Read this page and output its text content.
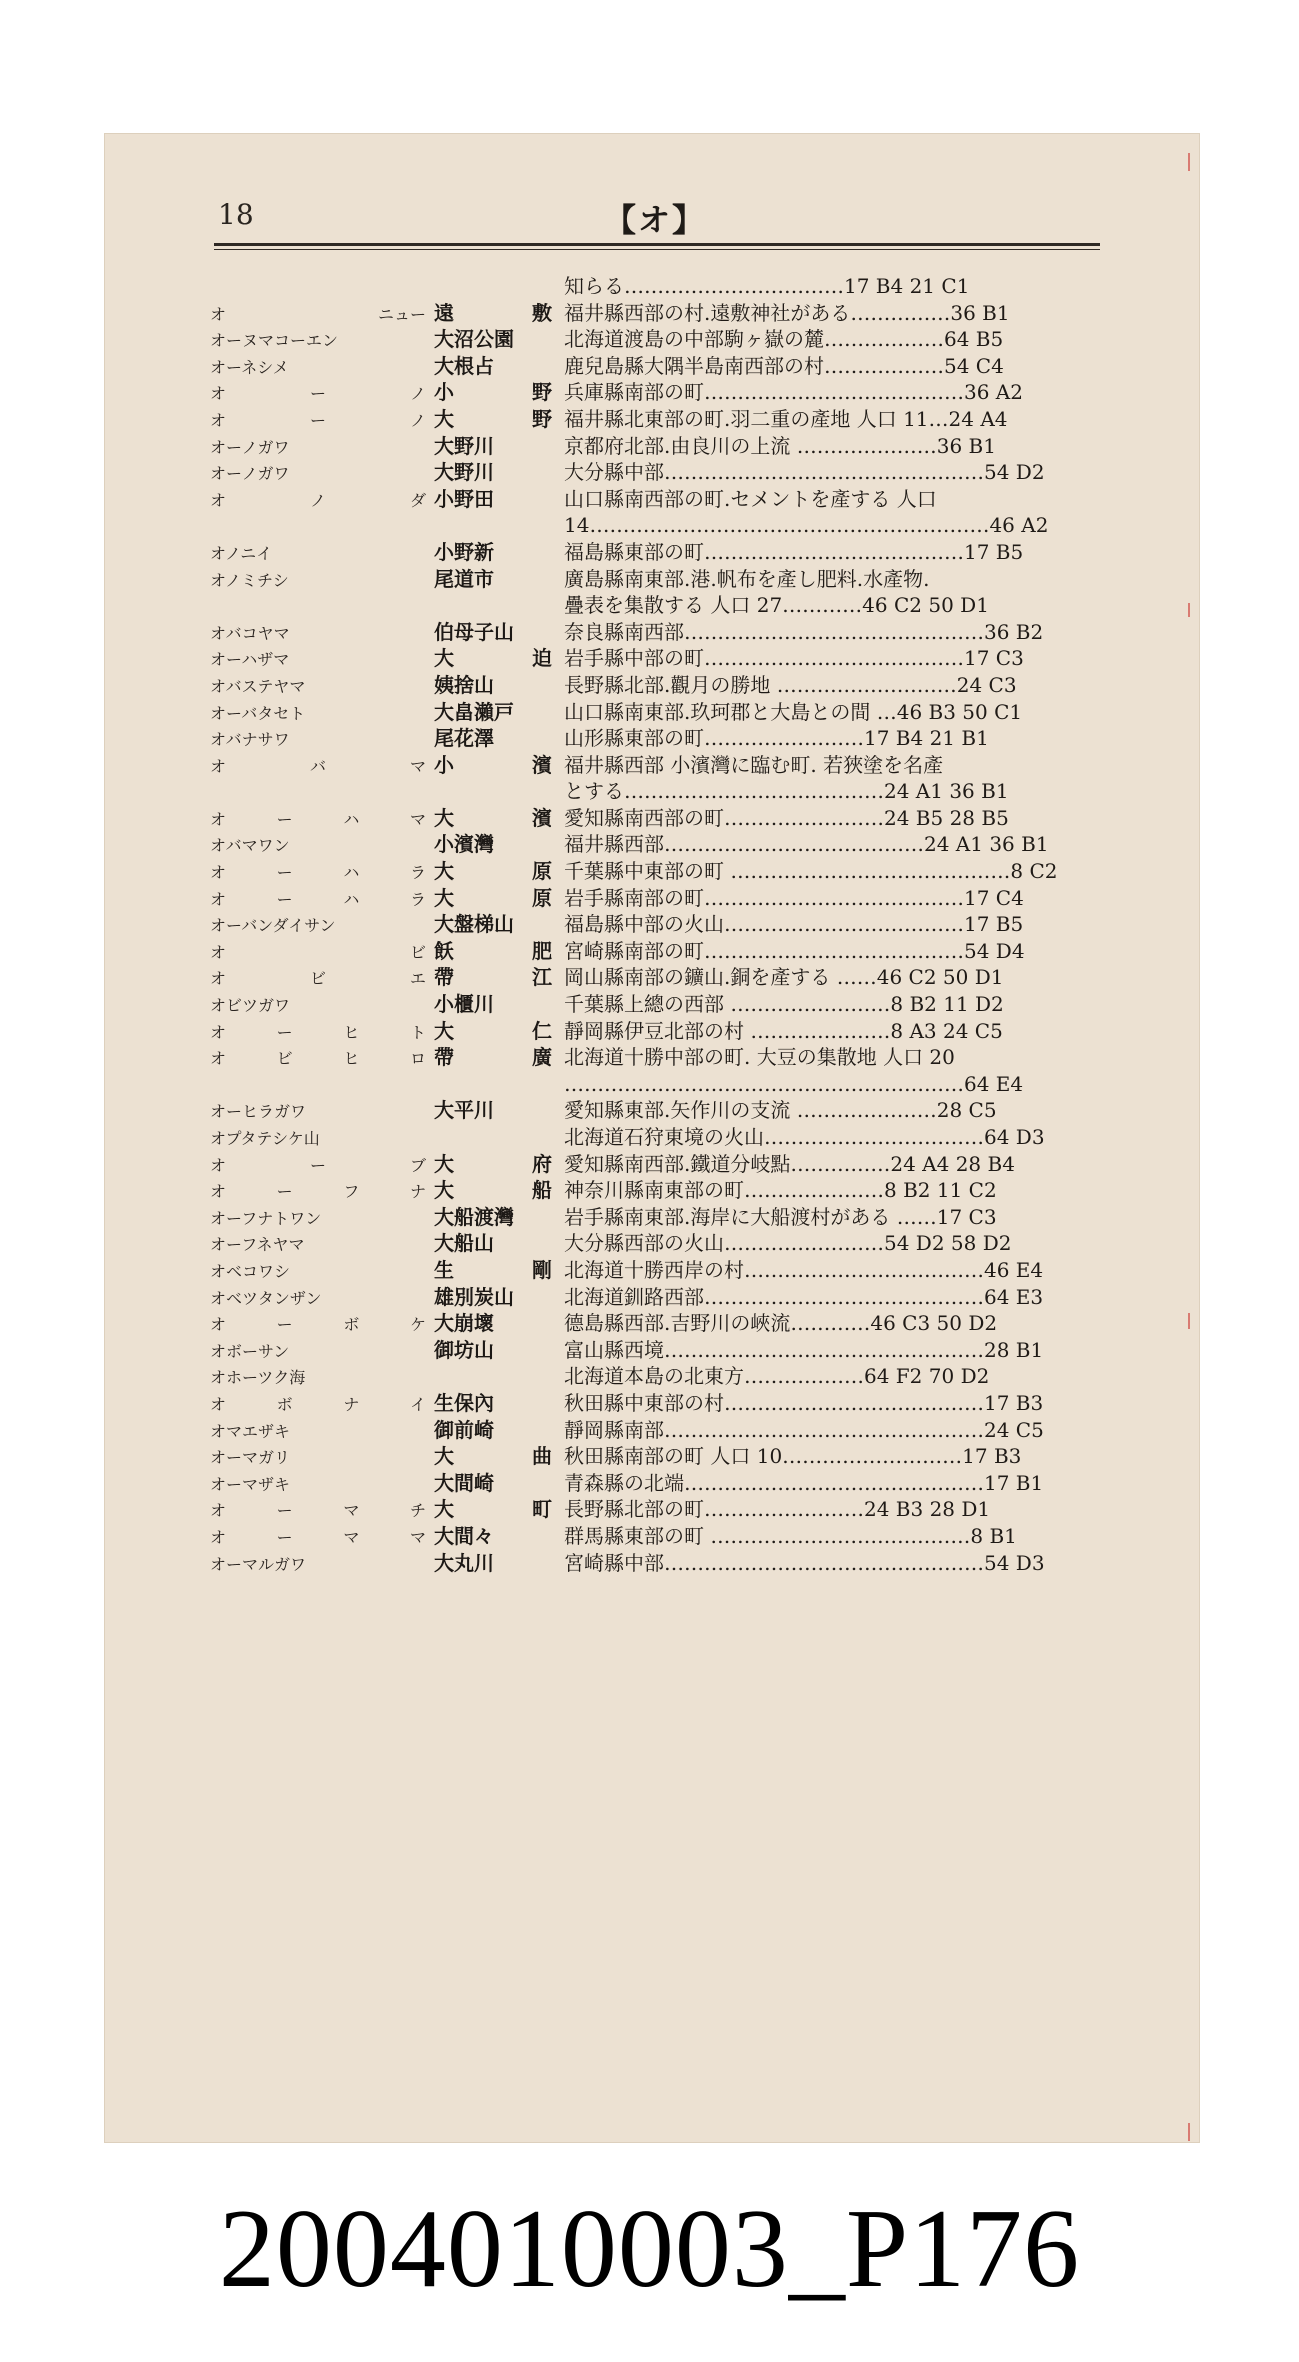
18	【オ】
知らる……………………………17 B4 21 C1
オ	ニュー 遠	敷 福井縣西部の村.遠敷神社がある……………36 B1
オーヌマコーエン	大沼公園	北海道渡島の中部駒ヶ嶽の麓………………64 B5
オーネシメ	大根占	鹿兒島縣大隅半島南西部の村………………54 C4
オ	ー	ノ 小	野 兵庫縣南部の町…………………………………36 A2
オ	ー	ノ 大	野 福井縣北東部の町.羽二重の產地 人口 11…24 A4
オーノガワ	大野川	京都府北部.由良川の上流 …………………36 B1
オーノガワ	大野川	大分縣中部…………………………………………54 D2
オ	ノ	ダ 小野田	山口縣南西部の町.セメントを產する 人口
14……………………………………………………46 A2
オノニイ	小野新	福島縣東部の町…………………………………17 B5
オノミチシ	尾道市	廣島縣南東部.港.帆布を產し肥料.水產物.
疊表を集散する 人口 27…………46 C2 50 D1
オバコヤマ	伯母子山	奈良縣南西部………………………………………36 B2
オーハザマ	大	迫 岩手縣中部の町…………………………………17 C3
オバステヤマ	姨捨山	長野縣北部.觀月の勝地 ………………………24 C3
オーバタセト	大畠瀨戸	山口縣南東部.玖珂郡と大島との間 …46 B3 50 C1
オバナサワ	尾花澤	山形縣東部の町……………………17 B4 21 B1
オ	バ	マ 小	濱 福井縣西部 小濱灣に臨む町. 若狹塗を名產
とする…………………………………24 A1 36 B1
オ	ー	ハ	マ 大	濱 愛知縣南西部の町……………………24 B5 28 B5
オバマワン	小濱灣	福井縣西部…………………………………24 A1 36 B1
オ	ー	ハ	ラ 大	原 千葉縣中東部の町 ……………………………………8 C2
オ	ー	ハ	ラ 大	原 岩手縣南部の町…………………………………17 C4
オーバンダイサン	大盤梯山	福島縣中部の火山………………………………17 B5
オ	ビ 飫	肥 宮崎縣南部の町…………………………………54 D4
オ	ビ	エ 帶	江 岡山縣南部の鑛山.銅を產する ……46 C2 50 D1
オビツガワ	小櫃川	千葉縣上總の西部 ……………………8 B2 11 D2
オ	ー	ヒ	ト 大	仁 靜岡縣伊豆北部の村 …………………8 A3 24 C5
オ	ビ	ヒ	ロ 帶	廣 北海道十勝中部の町. 大豆の集散地 人口 20
……………………………………………………64 E4
オーヒラガワ	大平川	愛知縣東部.矢作川の支流 …………………28 C5
オプタテシケ山	北海道石狩東境の火山……………………………64 D3
オ	ー	ブ 大	府 愛知縣南西部.鐵道分岐點……………24 A4 28 B4
オ	ー	フ	ナ 大	船 神奈川縣南東部の町…………………8 B2 11 C2
オーフナトワン	大船渡灣	岩手縣南東部.海岸に大船渡村がある ……17 C3
オーフネヤマ	大船山	大分縣西部の火山……………………54 D2 58 D2
オベコワシ	生	剛 北海道十勝西岸の村………………………………46 E4
オベツタンザン	雄別炭山	北海道釧路西部……………………………………64 E3
オ	ー	ボ	ケ 大崩壞	德島縣西部.吉野川の峽流…………46 C3 50 D2
オボーサン	御坊山	富山縣西境…………………………………………28 B1
オホーツク海	北海道本島の北東方………………64 F2 70 D2
オ	ボ	ナ	イ 生保內	秋田縣中東部の村…………………………………17 B3
オマエザキ	御前崎	靜岡縣南部…………………………………………24 C5
オーマガリ	大	曲 秋田縣南部の町 人口 10………………………17 B3
オーマザキ	大間崎	青森縣の北端………………………………………17 B1
オ	ー	マ	チ 大	町 長野縣北部の町……………………24 B3 28 D1
オ	ー	マ	マ 大間々	群馬縣東部の町 …………………………………8 B1
オーマルガワ	大丸川	宮崎縣中部…………………………………………54 D3
2004010003_P176
